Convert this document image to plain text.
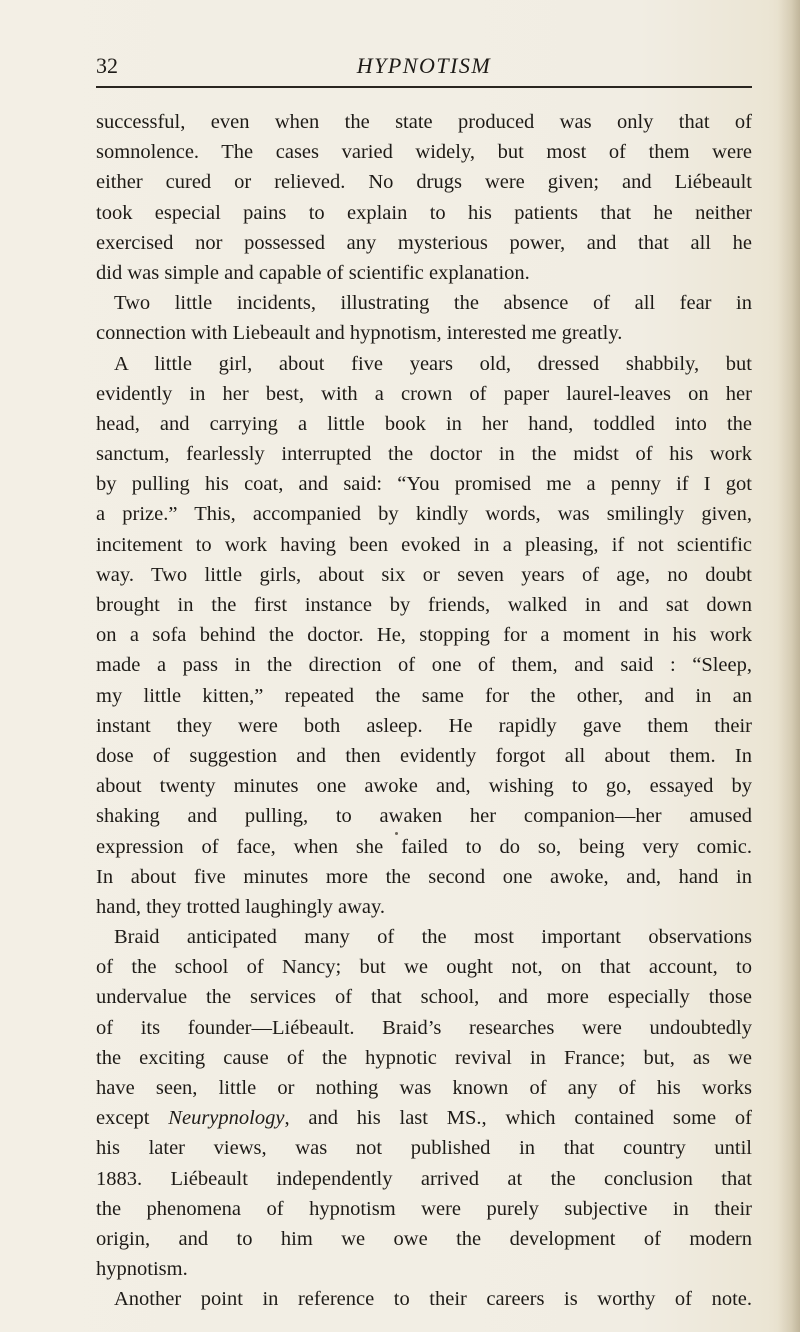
32	HYPNOTISM
successful, even when the state produced was only that of
somnolence. The cases varied widely, but most of them were
either cured or relieved. No drugs were given; and Liébeault
took especial pains to explain to his patients that he neither
exercised nor possessed any mysterious power, and that all he
did was simple and capable of scientific explanation.
Two little incidents, illustrating the absence of all fear in
connection with Liebeault and hypnotism, interested me greatly.
A little girl, about five years old, dressed shabbily, but
evidently in her best, with a crown of paper laurel-leaves on her
head, and carrying a little book in her hand, toddled into the
sanctum, fearlessly interrupted the doctor in the midst of his work
by pulling his coat, and said: “You promised me a penny if I got
a prize.” This, accompanied by kindly words, was smilingly given,
incitement to work having been evoked in a pleasing, if not scientific
way. Two little girls, about six or seven years of age, no doubt
brought in the first instance by friends, walked in and sat down
on a sofa behind the doctor. He, stopping for a moment in his work
made a pass in the direction of one of them, and said : “Sleep,
my little kitten,” repeated the same for the other, and in an
instant they were both asleep. He rapidly gave them their
dose of suggestion and then evidently forgot all about them. In
about twenty minutes one awoke and, wishing to go, essayed by
shaking and pulling, to awaken her companion—her amused
expression of face, when she failed to do so, being very comic.
In about five minutes more the second one awoke, and, hand in
hand, they trotted laughingly away.
Braid anticipated many of the most important observations
of the school of Nancy; but we ought not, on that account, to
undervalue the services of that school, and more especially those
of its founder—Liébeault. Braid’s researches were undoubtedly
the exciting cause of the hypnotic revival in France; but, as we
have seen, little or nothing was known of any of his works
except Neurypnology, and his last MS., which contained some of
his later views, was not published in that country until
1883. Liébeault independently arrived at the conclusion that
the phenomena of hypnotism were purely subjective in their
origin, and to him we owe the development of modern
hypnotism.
Another point in reference to their careers is worthy of note.
